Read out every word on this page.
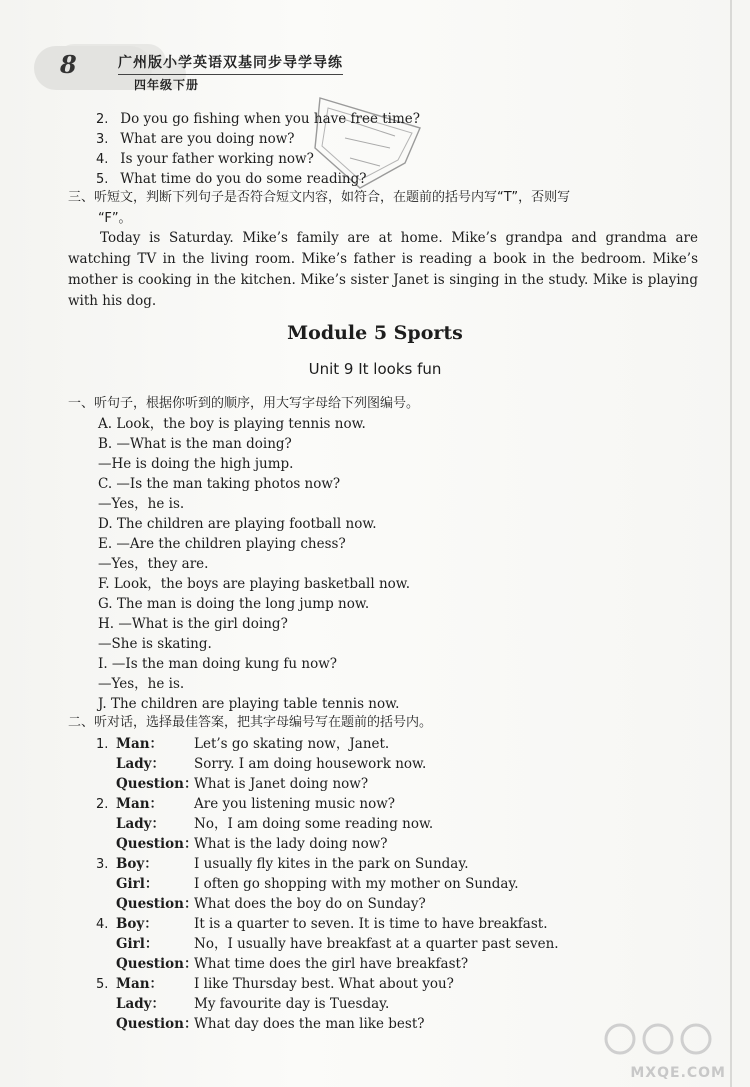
8	广州版小学英语双基同步导学导练
四年级下册
2. Do you go fishing when you have free time?
3. What are you doing now?
4. Is your father working now?
5. What time do you do some reading?
三、听短文，判断下列句子是否符合短文内容，如符合，在题前的括号内写“T”，否则写
“F”。
Today is Saturday. Mike’s family are at home. Mike’s grandpa and grandma are watching TV in the living room. Mike’s father is reading a book in the bedroom. Mike’s mother is cooking in the kitchen. Mike’s sister Janet is singing in the study. Mike is playing with his dog.
Module 5 Sports
Unit 9 It looks fun
一、听句子，根据你听到的顺序，用大写字母给下列图编号。
A. Look，the boy is playing tennis now.
B. —What is the man doing?
—He is doing the high jump.
C. —Is the man taking photos now?
—Yes，he is.
D. The children are playing football now.
E. —Are the children playing chess?
—Yes，they are.
F. Look，the boys are playing basketball now.
G. The man is doing the long jump now.
H. —What is the girl doing?
—She is skating.
I. —Is the man doing kung fu now?
—Yes，he is.
J. The children are playing table tennis now.
二、听对话，选择最佳答案，把其字母编号写在题前的括号内。
1. Man： Let’s go skating now，Janet.
Lady： Sorry. I am doing housework now.
Question：What is Janet doing now?
2. Man： Are you listening music now?
Lady： No，I am doing some reading now.
Question：What is the lady doing now?
3. Boy：	I usually fly kites in the park on Sunday.
Girl：	I often go shopping with my mother on Sunday.
Question：What does the boy do on Sunday?
4. Boy：	It is a quarter to seven. It is time to have breakfast.
Girl：	No，I usually have breakfast at a quarter past seven.
Question：What time does the girl have breakfast?
5. Man： I like Thursday best. What about you?
Lady： My favourite day is Tuesday.
Question：What day does the man like best?
MXQE.COM
